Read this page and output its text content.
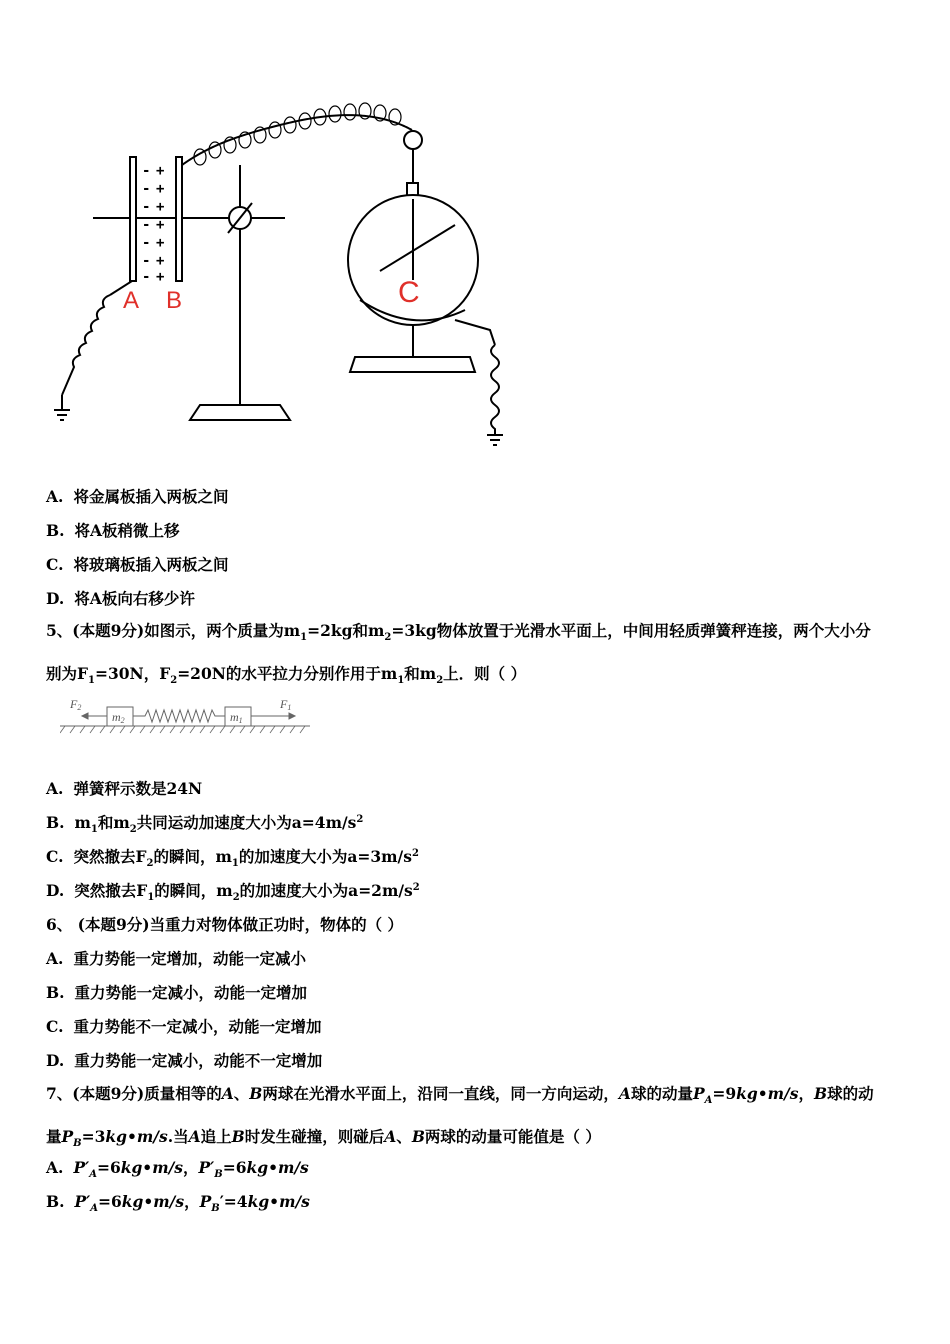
- +
- +
- +
- +
- +
- +
- +
A B	C
A. 将金属板插入两板之间
B. 将A板稍微上移
C. 将玻璃板插入两板之间
D. 将A板向右移少许
5、(本题9分)如图示，两个质量为$m_1=2kg$和$m_2=3kg$物体放置于光滑水平面上，中间用轻质弹簧秤连接，两个大小分
别为$F_1=30N$，$F_2=20N$的水平拉力分别作用于$m_1$和$m_2$上．则（ ）
F2
m2	m1
F1
A. 弹簧秤示数是24N
B. $m_1$和$m_2$共同运动加速度大小为$a=4m/s^2$
C. 突然撤去$F_2$的瞬间，$m_1$的加速度大小为$a=3m/s^2$
D. 突然撤去$F_1$的瞬间，$m_2$的加速度大小为$a=2m/s^2$
6、 (本题9分)当重力对物体做正功时，物体的（ ）
A. 重力势能一定增加，动能一定减小
B. 重力势能一定减小，动能一定增加
C. 重力势能不一定减小，动能一定增加
D. 重力势能一定减小，动能不一定增加
7、(本题9分)质量相等的A、B两球在光滑水平面上，沿同一直线，同一方向运动，A球的动量$P_A=9kg•m/s$，B球的动
量$P_B=3kg•m/s$.当A追上B时发生碰撞，则碰后A、B两球的动量可能值是（ ）
A. $P'_A=6kg•m/s$，$P'_B=6kg•m/s$
B. $P'_A=6kg•m/s$，$P_B'=4kg•m/s$
